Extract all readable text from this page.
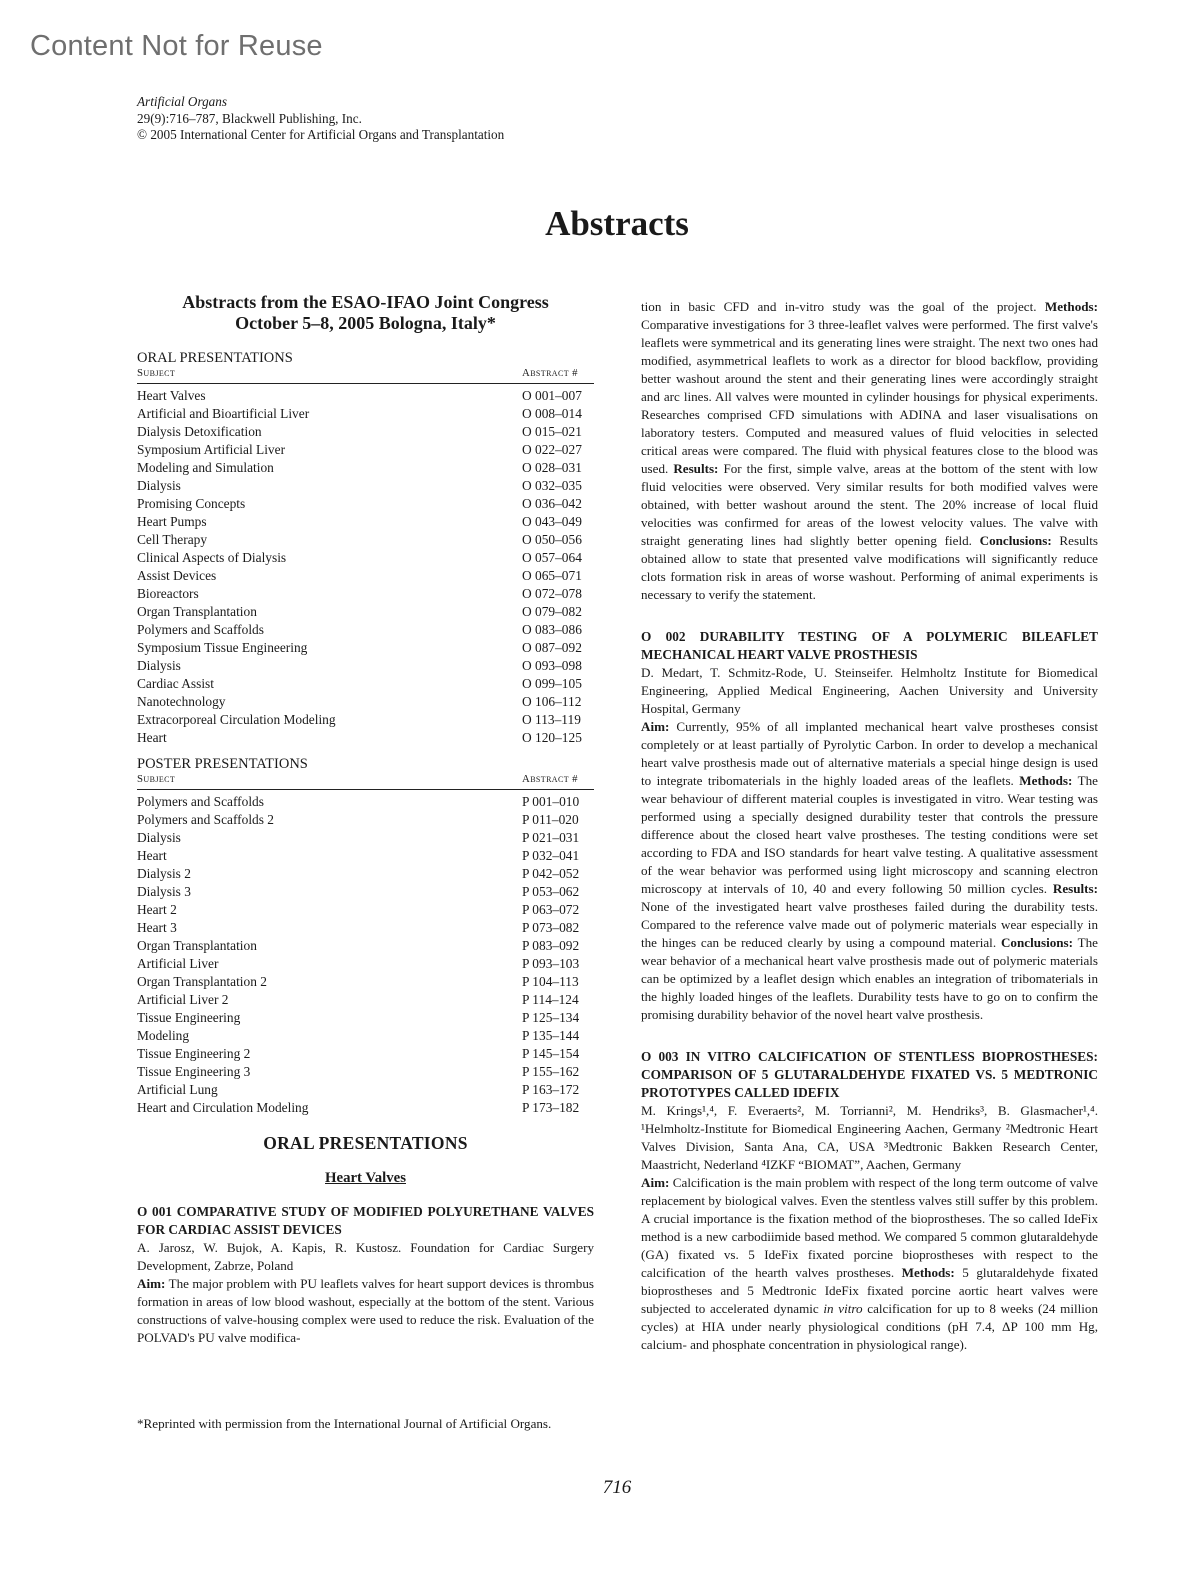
Content Not for Reuse
Artificial Organs
29(9):716–787, Blackwell Publishing, Inc.
© 2005 International Center for Artificial Organs and Transplantation
Abstracts
Abstracts from the ESAO-IFAO Joint Congress
October 5–8, 2005 Bologna, Italy*
ORAL PRESENTATIONS
Subject	Abstract #
Heart Valves	O 001–007
Artificial and Bioartificial Liver	O 008–014
Dialysis Detoxification	O 015–021
Symposium Artificial Liver	O 022–027
Modeling and Simulation	O 028–031
Dialysis	O 032–035
Promising Concepts	O 036–042
Heart Pumps	O 043–049
Cell Therapy	O 050–056
Clinical Aspects of Dialysis	O 057–064
Assist Devices	O 065–071
Bioreactors	O 072–078
Organ Transplantation	O 079–082
Polymers and Scaffolds	O 083–086
Symposium Tissue Engineering	O 087–092
Dialysis	O 093–098
Cardiac Assist	O 099–105
Nanotechnology	O 106–112
Extracorporeal Circulation Modeling	O 113–119
Heart	O 120–125
POSTER PRESENTATIONS
Subject	Abstract #
Polymers and Scaffolds	P 001–010
Polymers and Scaffolds 2	P 011–020
Dialysis	P 021–031
Heart	P 032–041
Dialysis 2	P 042–052
Dialysis 3	P 053–062
Heart 2	P 063–072
Heart 3	P 073–082
Organ Transplantation	P 083–092
Artificial Liver	P 093–103
Organ Transplantation 2	P 104–113
Artificial Liver 2	P 114–124
Tissue Engineering	P 125–134
Modeling	P 135–144
Tissue Engineering 2	P 145–154
Tissue Engineering 3	P 155–162
Artificial Lung	P 163–172
Heart and Circulation Modeling	P 173–182
ORAL PRESENTATIONS
Heart Valves
O 001 COMPARATIVE STUDY OF MODIFIED POLYURETHANE VALVES FOR CARDIAC ASSIST DEVICES
A. Jarosz, W. Bujok, A. Kapis, R. Kustosz. Foundation for Cardiac Surgery Development, Zabrze, Poland
Aim: The major problem with PU leaflets valves for heart support devices is thrombus formation in areas of low blood washout, especially at the bottom of the stent. Various constructions of valve-housing complex were used to reduce the risk. Evaluation of the POLVAD's PU valve modifica-
*Reprinted with permission from the International Journal of Artificial Organs.
tion in basic CFD and in-vitro study was the goal of the project. Methods: Comparative investigations for 3 three-leaflet valves were performed. The first valve's leaflets were symmetrical and its generating lines were straight. The next two ones had modified, asymmetrical leaflets to work as a director for blood backflow, providing better washout around the stent and their generating lines were accordingly straight and arc lines. All valves were mounted in cylinder housings for physical experiments. Researches comprised CFD simulations with ADINA and laser visualisations on laboratory testers. Computed and measured values of fluid velocities in selected critical areas were compared. The fluid with physical features close to the blood was used. Results: For the first, simple valve, areas at the bottom of the stent with low fluid velocities were observed. Very similar results for both modified valves were obtained, with better washout around the stent. The 20% increase of local fluid velocities was confirmed for areas of the lowest velocity values. The valve with straight generating lines had slightly better opening field. Conclusions: Results obtained allow to state that presented valve modifications will significantly reduce clots formation risk in areas of worse washout. Performing of animal experiments is necessary to verify the statement.
O 002 DURABILITY TESTING OF A POLYMERIC BILEAFLET MECHANICAL HEART VALVE PROSTHESIS
D. Medart, T. Schmitz-Rode, U. Steinseifer. Helmholtz Institute for Biomedical Engineering, Applied Medical Engineering, Aachen University and University Hospital, Germany
Aim: Currently, 95% of all implanted mechanical heart valve prostheses consist completely or at least partially of Pyrolytic Carbon. In order to develop a mechanical heart valve prosthesis made out of alternative materials a special hinge design is used to integrate tribomaterials in the highly loaded areas of the leaflets. Methods: The wear behaviour of different material couples is investigated in vitro. Wear testing was performed using a specially designed durability tester that controls the pressure difference about the closed heart valve prostheses. The testing conditions were set according to FDA and ISO standards for heart valve testing. A qualitative assessment of the wear behavior was performed using light microscopy and scanning electron microscopy at intervals of 10, 40 and every following 50 million cycles. Results: None of the investigated heart valve prostheses failed during the durability tests. Compared to the reference valve made out of polymeric materials wear especially in the hinges can be reduced clearly by using a compound material. Conclusions: The wear behavior of a mechanical heart valve prosthesis made out of polymeric materials can be optimized by a leaflet design which enables an integration of tribomaterials in the highly loaded hinges of the leaflets. Durability tests have to go on to confirm the promising durability behavior of the novel heart valve prosthesis.
O 003 IN VITRO CALCIFICATION OF STENTLESS BIOPROSTHESES: COMPARISON OF 5 GLUTARALDEHYDE FIXATED VS. 5 MEDTRONIC PROTOTYPES CALLED IDEFIX
M. Krings¹,⁴, F. Everaerts², M. Torrianni², M. Hendriks³, B. Glasmacher¹,⁴. ¹Helmholtz-Institute for Biomedical Engineering Aachen, Germany ²Medtronic Heart Valves Division, Santa Ana, CA, USA ³Medtronic Bakken Research Center, Maastricht, Nederland ⁴IZKF “BIOMAT”, Aachen, Germany
Aim: Calcification is the main problem with respect of the long term outcome of valve replacement by biological valves. Even the stentless valves still suffer by this problem. A crucial importance is the fixation method of the bioprostheses. The so called IdeFix method is a new carbodiimide based method. We compared 5 common glutaraldehyde (GA) fixated vs. 5 IdeFix fixated porcine bioprostheses with respect to the calcification of the hearth valves prostheses. Methods: 5 glutaraldehyde fixated bioprostheses and 5 Medtronic IdeFix fixated porcine aortic heart valves were subjected to accelerated dynamic in vitro calcification for up to 8 weeks (24 million cycles) at HIA under nearly physiological conditions (pH 7.4, ΔP 100 mm Hg, calcium- and phosphate concentration in physiological range).
716
